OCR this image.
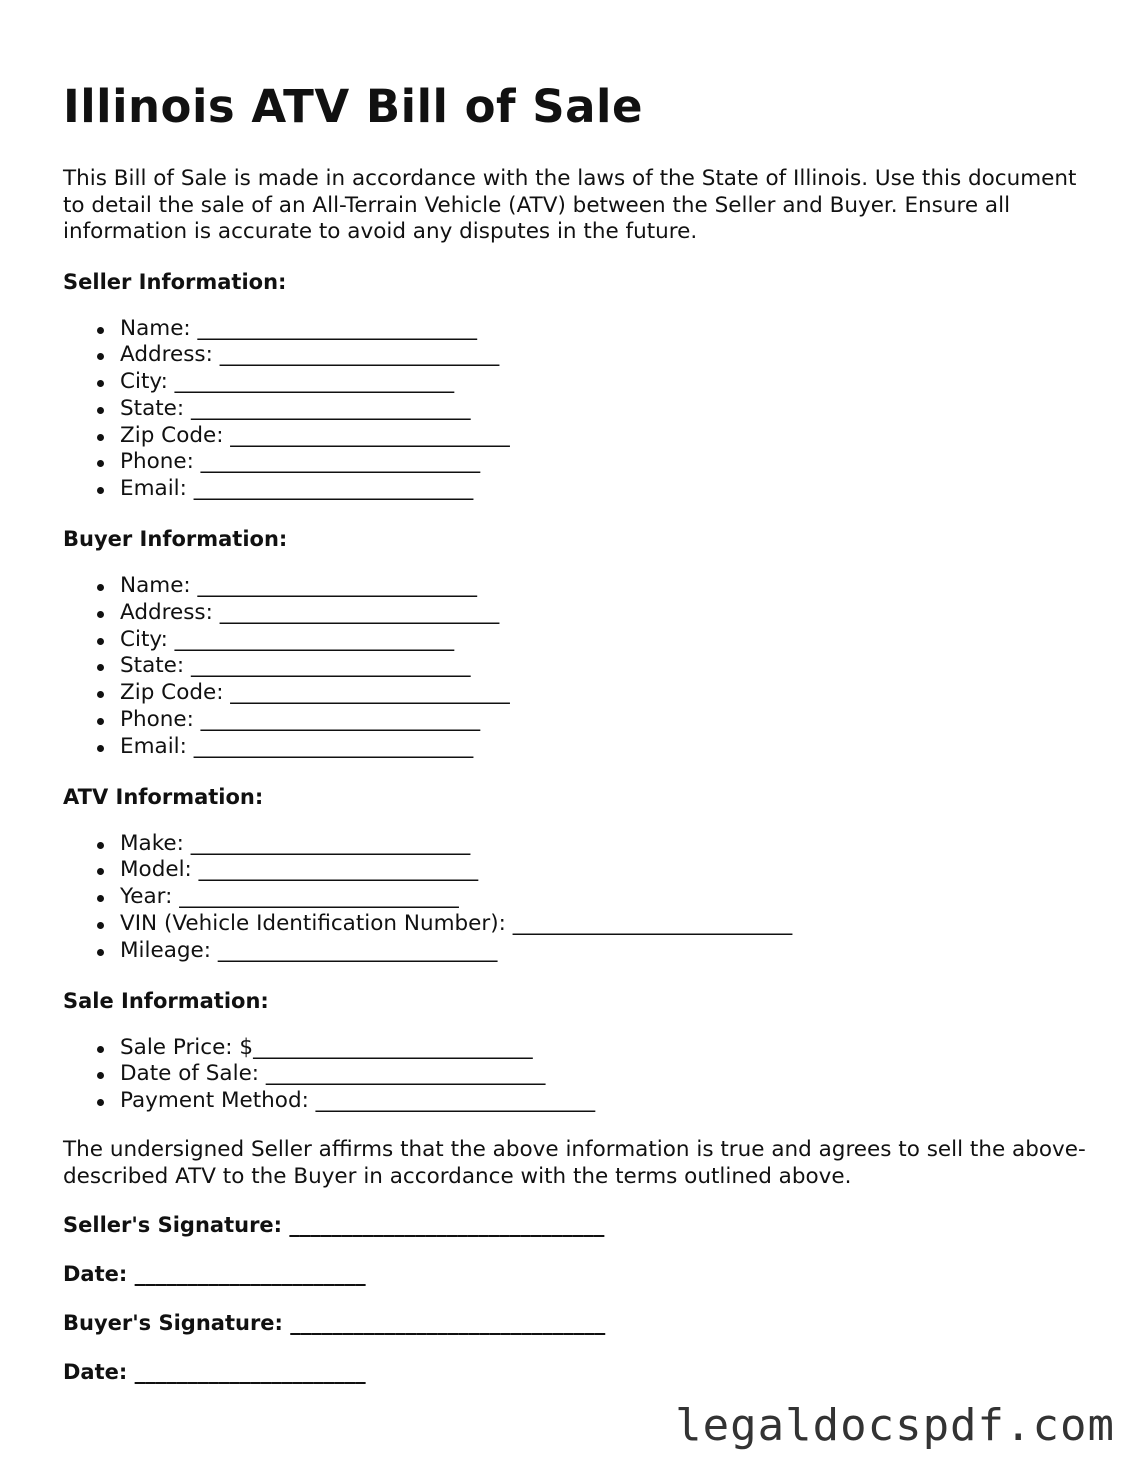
Illinois ATV Bill of Sale

This Bill of Sale is made in accordance with the laws of the State of Illinois. Use this document to detail the sale of an All-Terrain Vehicle (ATV) between the Seller and Buyer. Ensure all information is accurate to avoid any disputes in the future.

Seller Information:
Name: __________________________
Address: __________________________
City: __________________________
State: __________________________
Zip Code: __________________________
Phone: __________________________
Email: __________________________
Buyer Information:
Name: __________________________
Address: __________________________
City: __________________________
State: __________________________
Zip Code: __________________________
Phone: __________________________
Email: __________________________
ATV Information:
Make: __________________________
Model: __________________________
Year: __________________________
VIN (Vehicle Identification Number): __________________________
Mileage: __________________________
Sale Information:
Sale Price: $__________________________
Date of Sale: __________________________
Payment Method: __________________________

The undersigned Seller affirms that the above information is true and agrees to sell the above-described ATV to the Buyer in accordance with the terms outlined above.

Seller's Signature: ______________________________
Date: ______________________
Buyer's Signature: ______________________________
Date: ______________________
legaldocspdf.com
